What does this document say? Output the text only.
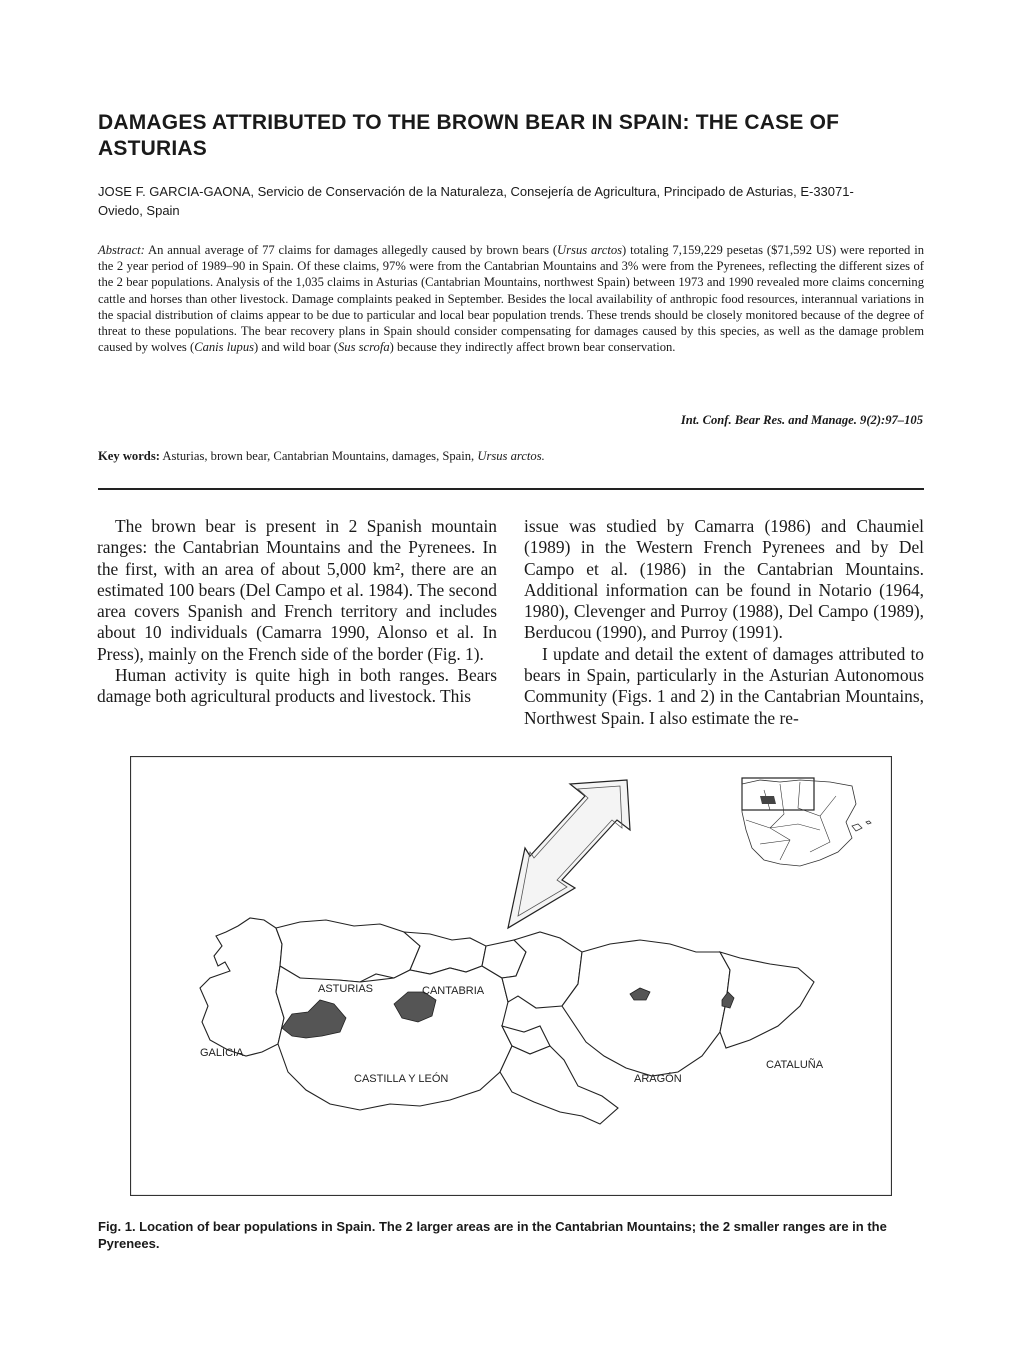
DAMAGES ATTRIBUTED TO THE BROWN BEAR IN SPAIN: THE CASE OF ASTURIAS
JOSE F. GARCIA-GAONA, Servicio de Conservación de la Naturaleza, Consejería de Agricultura, Principado de Asturias, E-33071-Oviedo, Spain
Abstract: An annual average of 77 claims for damages allegedly caused by brown bears (Ursus arctos) totaling 7,159,229 pesetas ($71,592 US) were reported in the 2 year period of 1989–90 in Spain. Of these claims, 97% were from the Cantabrian Mountains and 3% were from the Pyrenees, reflecting the different sizes of the 2 bear populations. Analysis of the 1,035 claims in Asturias (Cantabrian Mountains, northwest Spain) between 1973 and 1990 revealed more claims concerning cattle and horses than other livestock. Damage complaints peaked in September. Besides the local availability of anthropic food resources, interannual variations in the spacial distribution of claims appear to be due to particular and local bear population trends. These trends should be closely monitored because of the degree of threat to these populations. The bear recovery plans in Spain should consider compensating for damages caused by this species, as well as the damage problem caused by wolves (Canis lupus) and wild boar (Sus scrofa) because they indirectly affect brown bear conservation.
Int. Conf. Bear Res. and Manage. 9(2):97–105
Key words: Asturias, brown bear, Cantabrian Mountains, damages, Spain, Ursus arctos.

The brown bear is present in 2 Spanish mountain ranges: the Cantabrian Mountains and the Pyrenees. In the first, with an area of about 5,000 km², there are an estimated 100 bears (Del Campo et al. 1984). The second area covers Spanish and French territory and includes about 10 individuals (Camarra 1990, Alonso et al. In Press), mainly on the French side of the border (Fig. 1).

Human activity is quite high in both ranges. Bears damage both agricultural products and livestock. This

issue was studied by Camarra (1986) and Chaumiel (1989) in the Western French Pyrenees and by Del Campo et al. (1986) in the Cantabrian Mountains. Additional information can be found in Notario (1964, 1980), Clevenger and Purroy (1988), Del Campo (1989), Berducou (1990), and Purroy (1991).

I update and detail the extent of damages attributed to bears in Spain, particularly in the Asturian Autonomous Community (Figs. 1 and 2) in the Cantabrian Mountains, Northwest Spain. I also estimate the re-

ASTURIAS	CANTABRIA
GALICIA
CASTILLA Y LEÓN	ARAGÓN
CATALUÑA
Fig. 1. Location of bear populations in Spain. The 2 larger areas are in the Cantabrian Mountains; the 2 smaller ranges are in the Pyrenees.
